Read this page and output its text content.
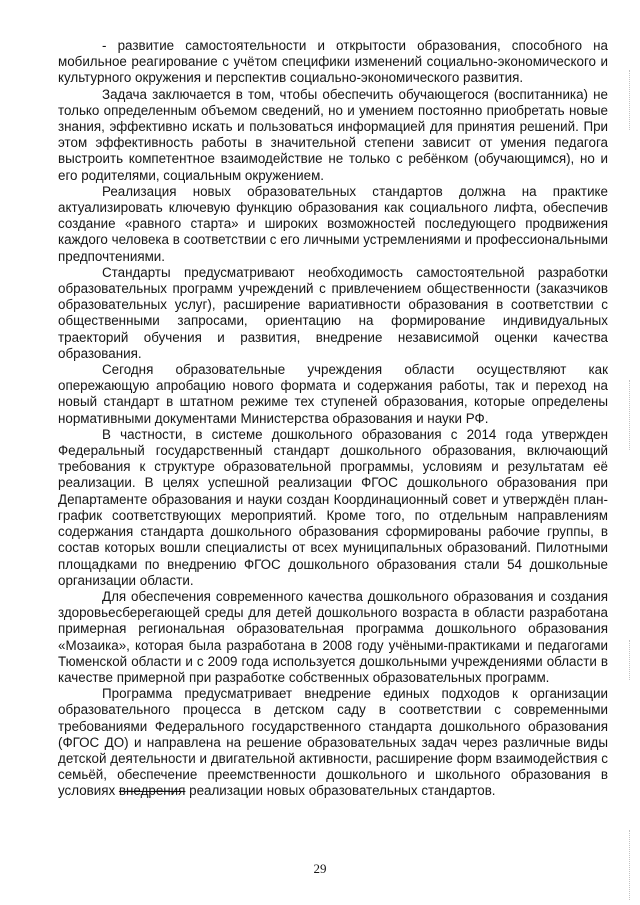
- развитие самостоятельности и открытости образования, способного на мобильное реагирование с учётом специфики изменений социально-экономического и культурного окружения и перспектив социально-экономического развития.

Задача заключается в том, чтобы обеспечить обучающегося (воспитанника) не только определенным объемом сведений, но и умением постоянно приобретать новые знания, эффективно искать и пользоваться информацией для принятия решений. При этом эффективность работы в значительной степени зависит от умения педагога выстроить компетентное взаимодействие не только с ребёнком (обучающимся), но и его родителями, социальным окружением.

Реализация новых образовательных стандартов должна на практике актуализировать ключевую функцию образования как социального лифта, обеспечив создание «равного старта» и широких возможностей последующего продвижения каждого человека в соответствии с его личными устремлениями и профессиональными предпочтениями.

Стандарты предусматривают необходимость самостоятельной разработки образовательных программ учреждений с привлечением общественности (заказчиков образовательных услуг), расширение вариативности образования в соответствии с общественными запросами, ориентацию на формирование индивидуальных траекторий обучения и развития, внедрение независимой оценки качества образования.

Сегодня образовательные учреждения области осуществляют как опережающую апробацию нового формата и содержания работы, так и переход на новый стандарт в штатном режиме тех ступеней образования, которые определены нормативными документами Министерства образования и науки РФ.

В частности, в системе дошкольного образования с 2014 года утвержден Федеральный государственный стандарт дошкольного образования, включающий требования к структуре образовательной программы, условиям и результатам её реализации. В целях успешной реализации ФГОС дошкольного образования при Департаменте образования и науки создан Координационный совет и утверждён план-график соответствующих мероприятий. Кроме того, по отдельным направлениям содержания стандарта дошкольного образования сформированы рабочие группы, в состав которых вошли специалисты от всех муниципальных образований. Пилотными площадками по внедрению ФГОС дошкольного образования стали 54 дошкольные организации области.

Для обеспечения современного качества дошкольного образования и создания здоровьесберегающей среды для детей дошкольного возраста в области разработана примерная региональная образовательная программа дошкольного образования «Мозаика», которая была разработана в 2008 году учёными-практиками и педагогами Тюменской области и с 2009 года используется дошкольными учреждениями области в качестве примерной при разработке собственных образовательных программ.

Программа предусматривает внедрение единых подходов к организации образовательного процесса в детском саду в соответствии с современными требованиями Федерального государственного стандарта дошкольного образования (ФГОС ДО) и направлена на решение образовательных задач через различные виды детской деятельности и двигательной активности, расширение форм взаимодействия с семьёй, обеспечение преемственности дошкольного и школьного образования в условиях внедрения реализации новых образовательных стандартов.

29
